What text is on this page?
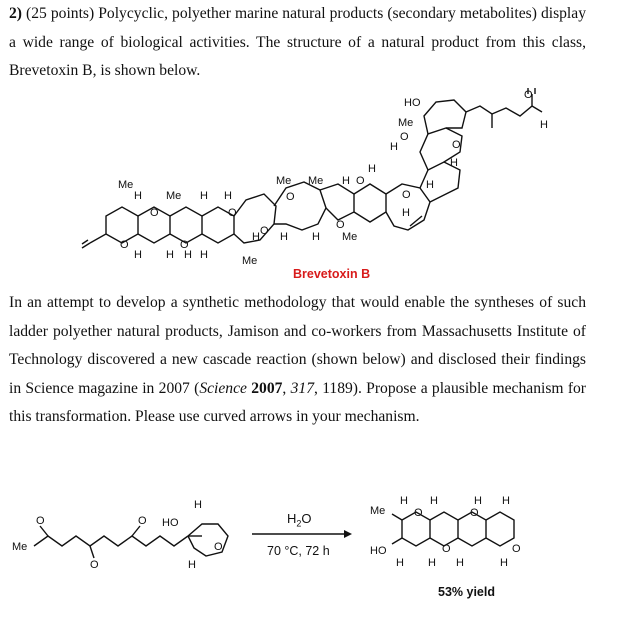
2) (25 points) Polycyclic, polyether marine natural products (secondary metabolites) display a wide range of biological activities. The structure of a natural product from this class, Brevetoxin B, is shown below.

Me
H Me H H
O	O
O	O
H H H H	Me
H
Me
O
Me H
O H H
O
Me
O
H
O
H
H
H
O
Me
HO
O
H
H
O
Brevetoxin B

In an attempt to develop a synthetic methodology that would enable the syntheses of such ladder polyether natural products, Jamison and co-workers from Massachusetts Institute of Technology discovered a new cascade reaction (shown below) and disclosed their findings in Science magazine in 2007 (Science 2007, 317, 1189). Propose a plausible mechanism for this transformation. Please use curved arrows in your mechanism.

Me
O
O
O HO
H
H
O
$H_2O$
70 °C, 72 h
Me
HO
H H	H H
O	O
O	O
H H H	H
53% yield
